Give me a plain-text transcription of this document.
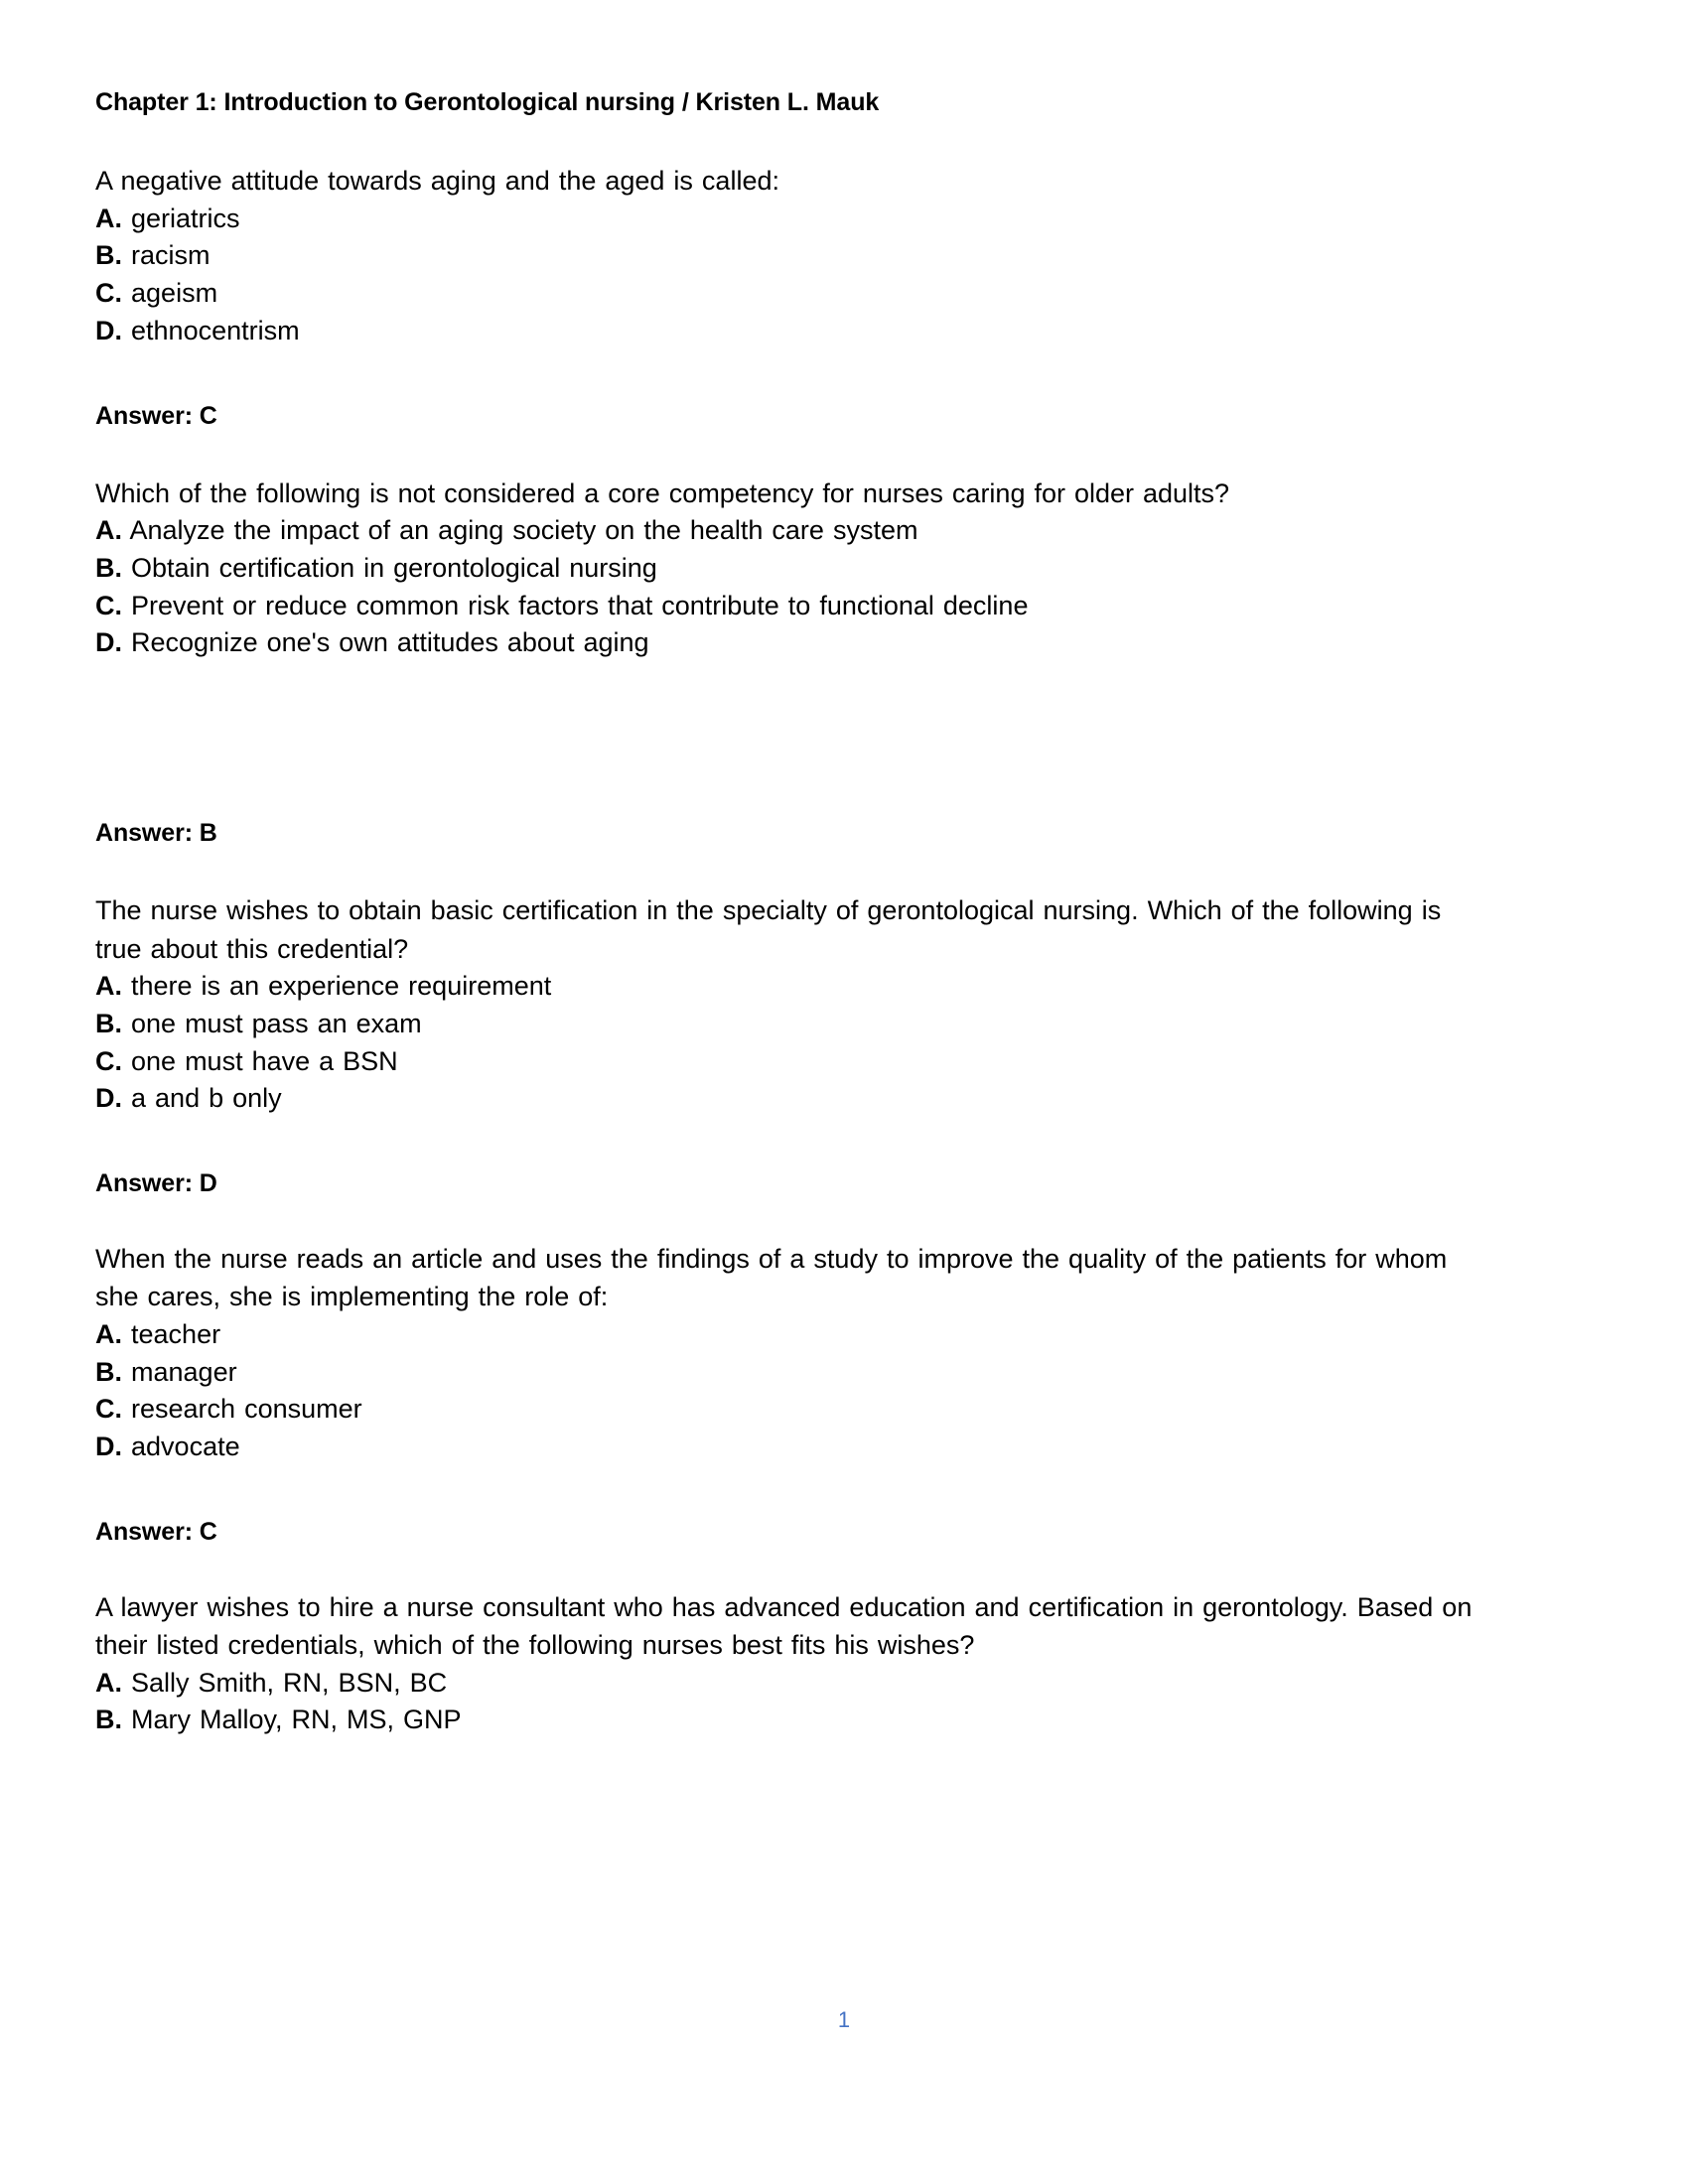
Chapter 1: Introduction to Gerontological nursing / Kristen L. Mauk
A negative attitude towards aging and the aged is called:
A. geriatrics
B. racism
C. ageism
D. ethnocentrism
Answer: C
Which of the following is not considered a core competency for nurses caring for older adults?
A. Analyze the impact of an aging society on the health care system
B. Obtain certification in gerontological nursing
C. Prevent or reduce common risk factors that contribute to functional decline
D. Recognize one's own attitudes about aging
Answer: B
The nurse wishes to obtain basic certification in the specialty of gerontological nursing. Which of the following is true about this credential?
A. there is an experience requirement
B. one must pass an exam
C. one must have a BSN
D. a and b only
Answer: D
When the nurse reads an article and uses the findings of a study to improve the quality of the patients for whom she cares, she is implementing the role of:
A. teacher
B. manager
C. research consumer
D. advocate
Answer: C
A lawyer wishes to hire a nurse consultant who has advanced education and certification in gerontology. Based on their listed credentials, which of the following nurses best fits his wishes?
A. Sally Smith, RN, BSN, BC
B. Mary Malloy, RN, MS, GNP
1
